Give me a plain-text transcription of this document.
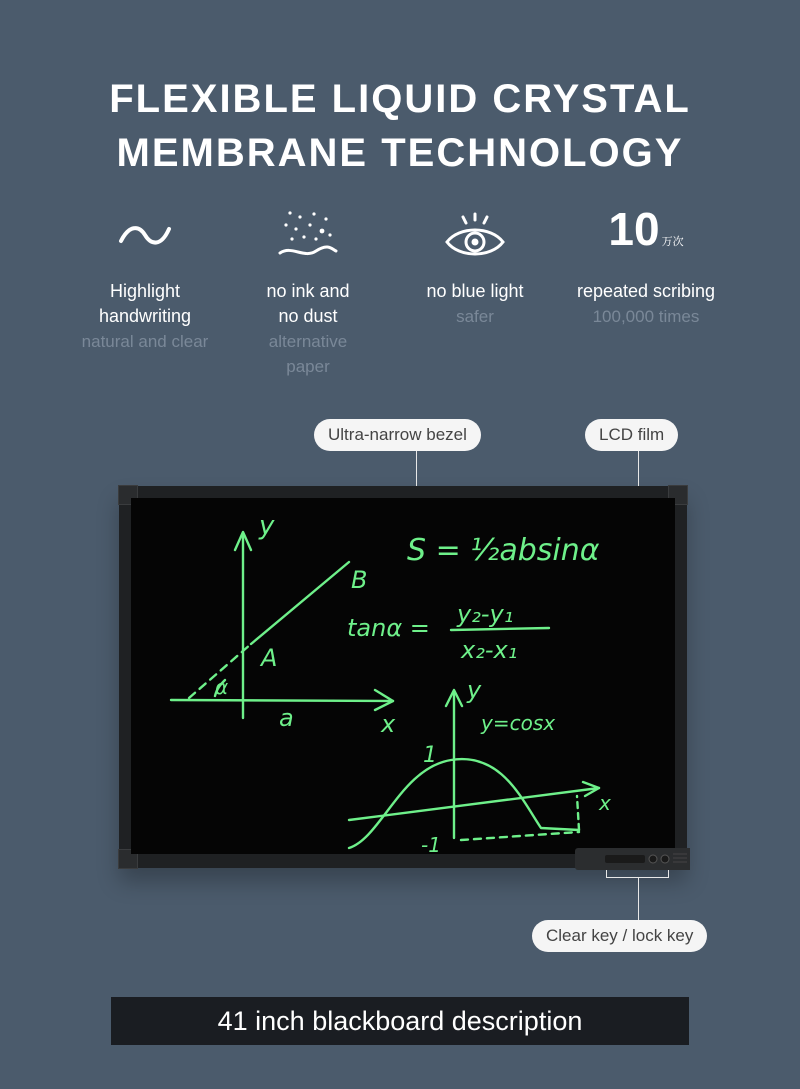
FLEXIBLE LIQUID CRYSTAL
MEMBRANE TECHNOLOGY
Highlight
handwriting
natural and clear
no ink and
no dust
alternative
paper
no blue light
safer
10 万次
repeated scribing
100,000 times
Ultra-narrow bezel	LCD film
y
x
B
A
a
α
S = ½absinα
tanα = y₂-y₁
x₂-x₁
y
x
y=cosx
1
-1
Clear key / lock key
41 inch blackboard description
